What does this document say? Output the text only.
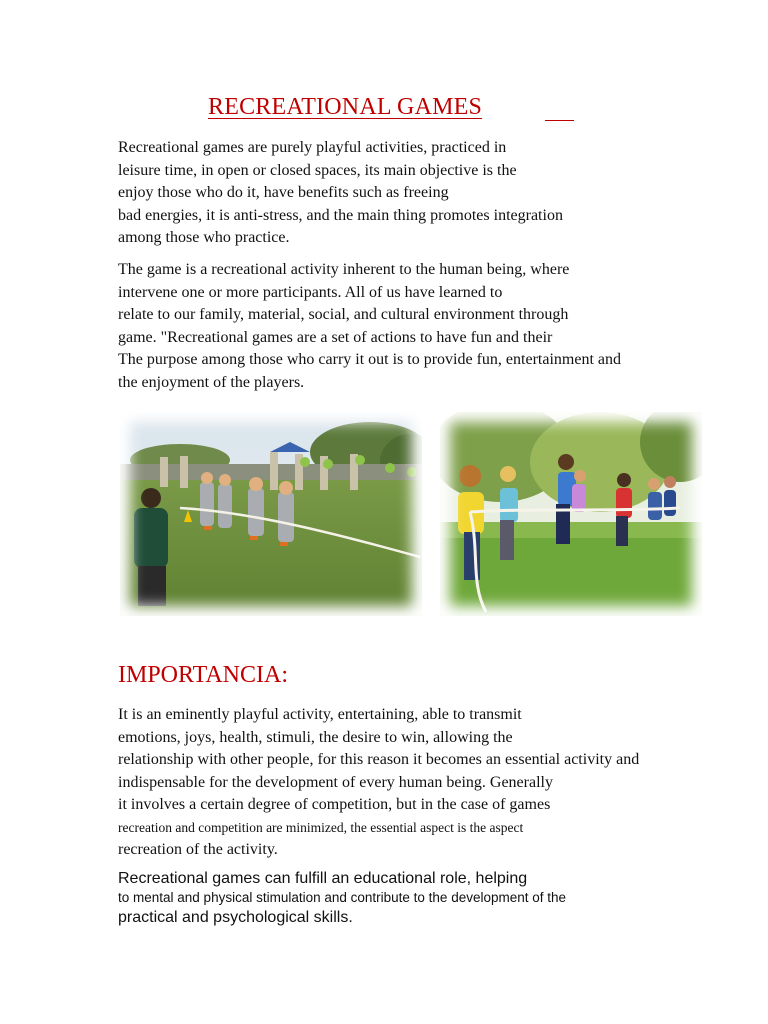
RECREATIONAL GAMES
Recreational games are purely playful activities, practiced in
leisure time, in open or closed spaces, its main objective is the
enjoy those who do it, have benefits such as freeing
bad energies, it is anti-stress, and the main thing promotes integration
among those who practice.
The game is a recreational activity inherent to the human being, where
intervene one or more participants. All of us have learned to
relate to our family, material, social, and cultural environment through
game. "Recreational games are a set of actions to have fun and their
The purpose among those who carry it out is to provide fun, entertainment and
the enjoyment of the players.
IMPORTANCIA:
It is an eminently playful activity, entertaining, able to transmit
emotions, joys, health, stimuli, the desire to win, allowing the
relationship with other people, for this reason it becomes an essential activity and
indispensable for the development of every human being. Generally
it involves a certain degree of competition, but in the case of games
recreation and competition are minimized, the essential aspect is the aspect
recreation of the activity.
Recreational games can fulfill an educational role, helping
to mental and physical stimulation and contribute to the development of the
practical and psychological skills.
